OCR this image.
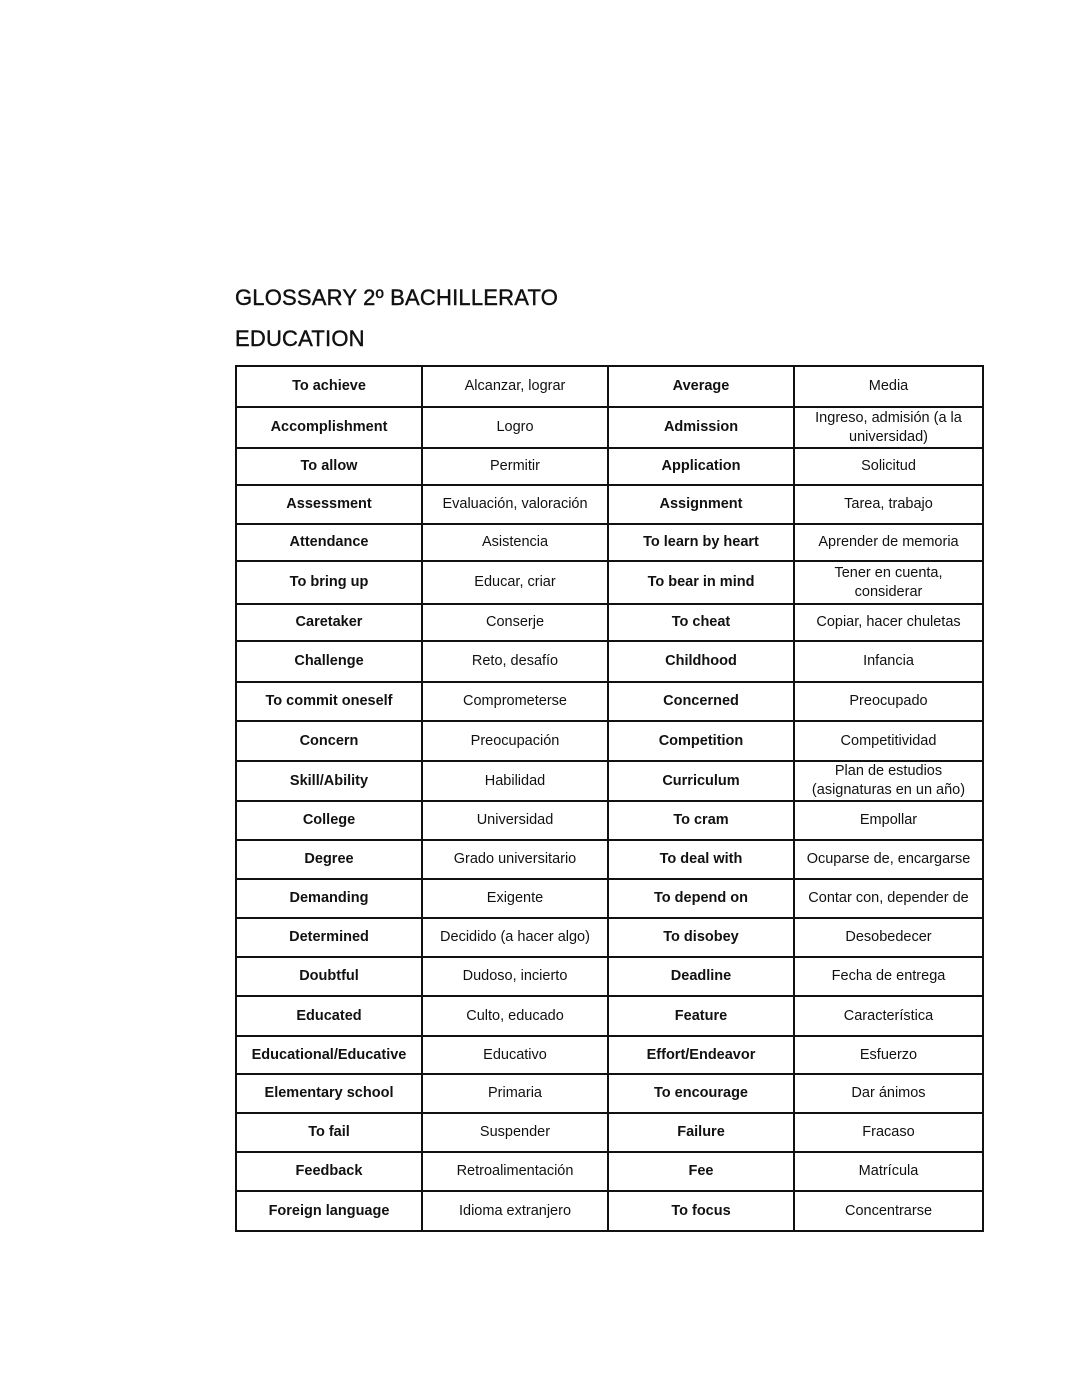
GLOSSARY 2º BACHILLERATO
EDUCATION
To achieve	Alcanzar, lograr	Average	Media
Accomplishment	Logro	Admission	Ingreso, admisión (a la universidad)
To allow	Permitir	Application	Solicitud
Assessment	Evaluación, valoración	Assignment	Tarea, trabajo
Attendance	Asistencia	To learn by heart	Aprender de memoria
To bring up	Educar, criar	To bear in mind	Tener en cuenta, considerar
Caretaker	Conserje	To cheat	Copiar, hacer chuletas
Challenge	Reto, desafío	Childhood	Infancia
To commit oneself	Comprometerse	Concerned	Preocupado
Concern	Preocupación	Competition	Competitividad
Skill/Ability	Habilidad	Curriculum	Plan de estudios (asignaturas en un año)
College	Universidad	To cram	Empollar
Degree	Grado universitario	To deal with	Ocuparse de, encargarse
Demanding	Exigente	To depend on	Contar con, depender de
Determined	Decidido (a hacer algo)	To disobey	Desobedecer
Doubtful	Dudoso, incierto	Deadline	Fecha de entrega
Educated	Culto, educado	Feature	Característica
Educational/Educative	Educativo	Effort/Endeavor	Esfuerzo
Elementary school	Primaria	To encourage	Dar ánimos
To fail	Suspender	Failure	Fracaso
Feedback	Retroalimentación	Fee	Matrícula
Foreign language	Idioma extranjero	To focus	Concentrarse
